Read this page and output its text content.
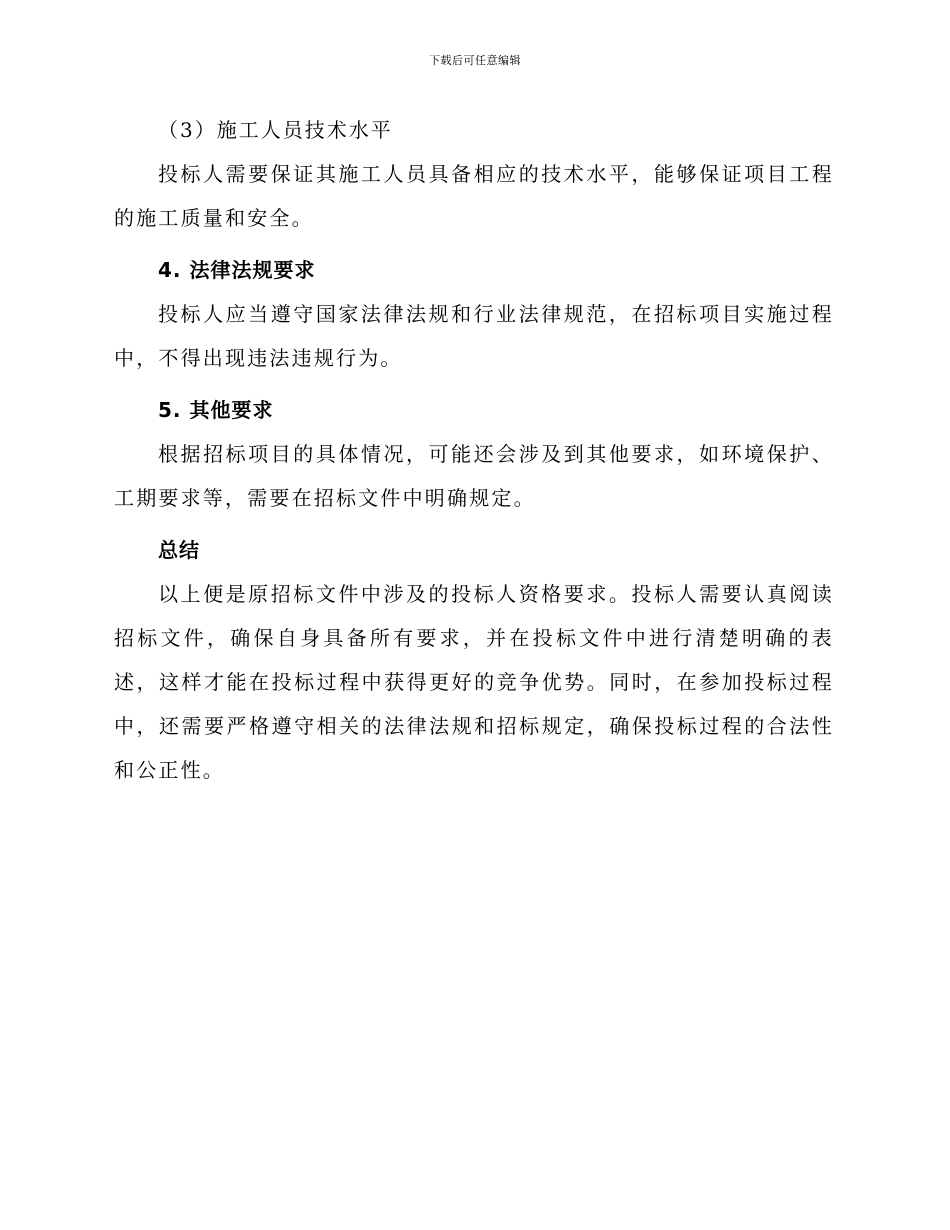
下载后可任意编辑
（3）施工人员技术水平

投标人需要保证其施工人员具备相应的技术水平，能够保证项目工程的施工质量和安全。

4. 法律法规要求

投标人应当遵守国家法律法规和行业法律规范，在招标项目实施过程中，不得出现违法违规行为。

5. 其他要求

根据招标项目的具体情况，可能还会涉及到其他要求，如环境保护、工期要求等，需要在招标文件中明确规定。

总结

以上便是原招标文件中涉及的投标人资格要求。投标人需要认真阅读招标文件，确保自身具备所有要求，并在投标文件中进行清楚明确的表述，这样才能在投标过程中获得更好的竞争优势。同时，在参加投标过程中，还需要严格遵守相关的法律法规和招标规定，确保投标过程的合法性和公正性。
